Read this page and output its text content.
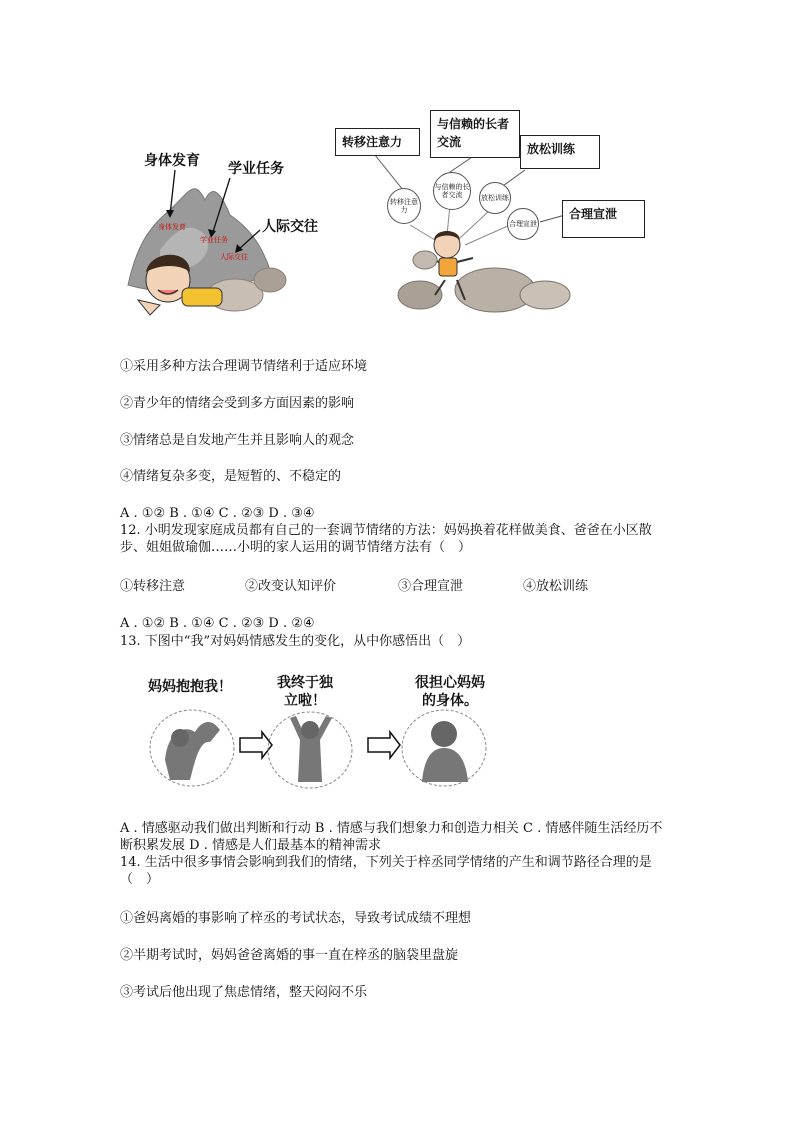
身体发育 学业任务
人际交往
身体发育
学业任务
人际交往
转移注意力
与信赖的长者交流	放松训练
合理宣泄
转移注意力
与信赖的长者交流	放松训练
合理宣泄
①采用多种方法合理调节情绪利于适应环境
②青少年的情绪会受到多方面因素的影响
③情绪总是自发地产生并且影响人的观念
④情绪复杂多变，是短暂的、不稳定的
A . ①② B . ①④ C . ②③ D . ③④
12. 小明发现家庭成员都有自己的一套调节情绪的方法：妈妈换着花样做美食、爸爸在小区散步、姐姐做瑜伽……小明的家人运用的调节情绪方法有（　）
①转移注意	②改变认知评价	③合理宣泄	④放松训练
A . ①② B . ①④ C . ②③ D . ②④
13. 下图中“我”对妈妈情感发生的变化，从中你感悟出（　）
妈妈抱抱我！	我终于独立啦！
很担心妈妈的身体。
A . 情感驱动我们做出判断和行动 B . 情感与我们想象力和创造力相关 C . 情感伴随生活经历不断积累发展 D . 情感是人们最基本的精神需求
14. 生活中很多事情会影响到我们的情绪，下列关于梓丞同学情绪的产生和调节路径合理的是（　）
①爸妈离婚的事影响了梓丞的考试状态，导致考试成绩不理想
②半期考试时，妈妈爸爸离婚的事一直在梓丞的脑袋里盘旋
③考试后他出现了焦虑情绪，整天闷闷不乐
